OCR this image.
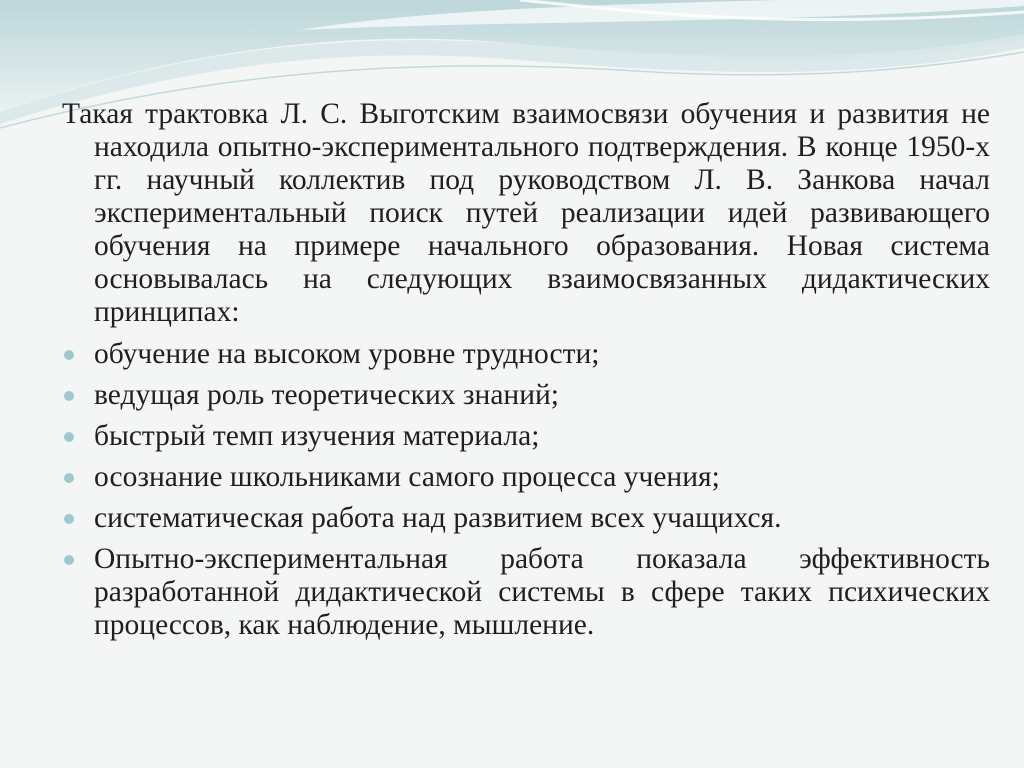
Такая трактовка Л. С. Выготским взаимосвязи обучения и развития не находила опытно-экспериментального подтверждения. В конце 1950-х гг. научный коллектив под руководством Л. В. Занкова начал экспериментальный поиск путей реализации идей развивающего обучения на примере начального образования. Новая система основывалась на следующих взаимосвязанных дидактических принципах:

обучение на высоком уровне трудности;
ведущая роль теоретических знаний;
быстрый темп изучения материала;
осознание школьниками самого процесса учения;
систематическая работа над развитием всех учащихся.
Опытно-экспериментальная работа показала эффективность разработанной дидактической системы в сфере таких психических процессов, как наблюдение, мышление.
